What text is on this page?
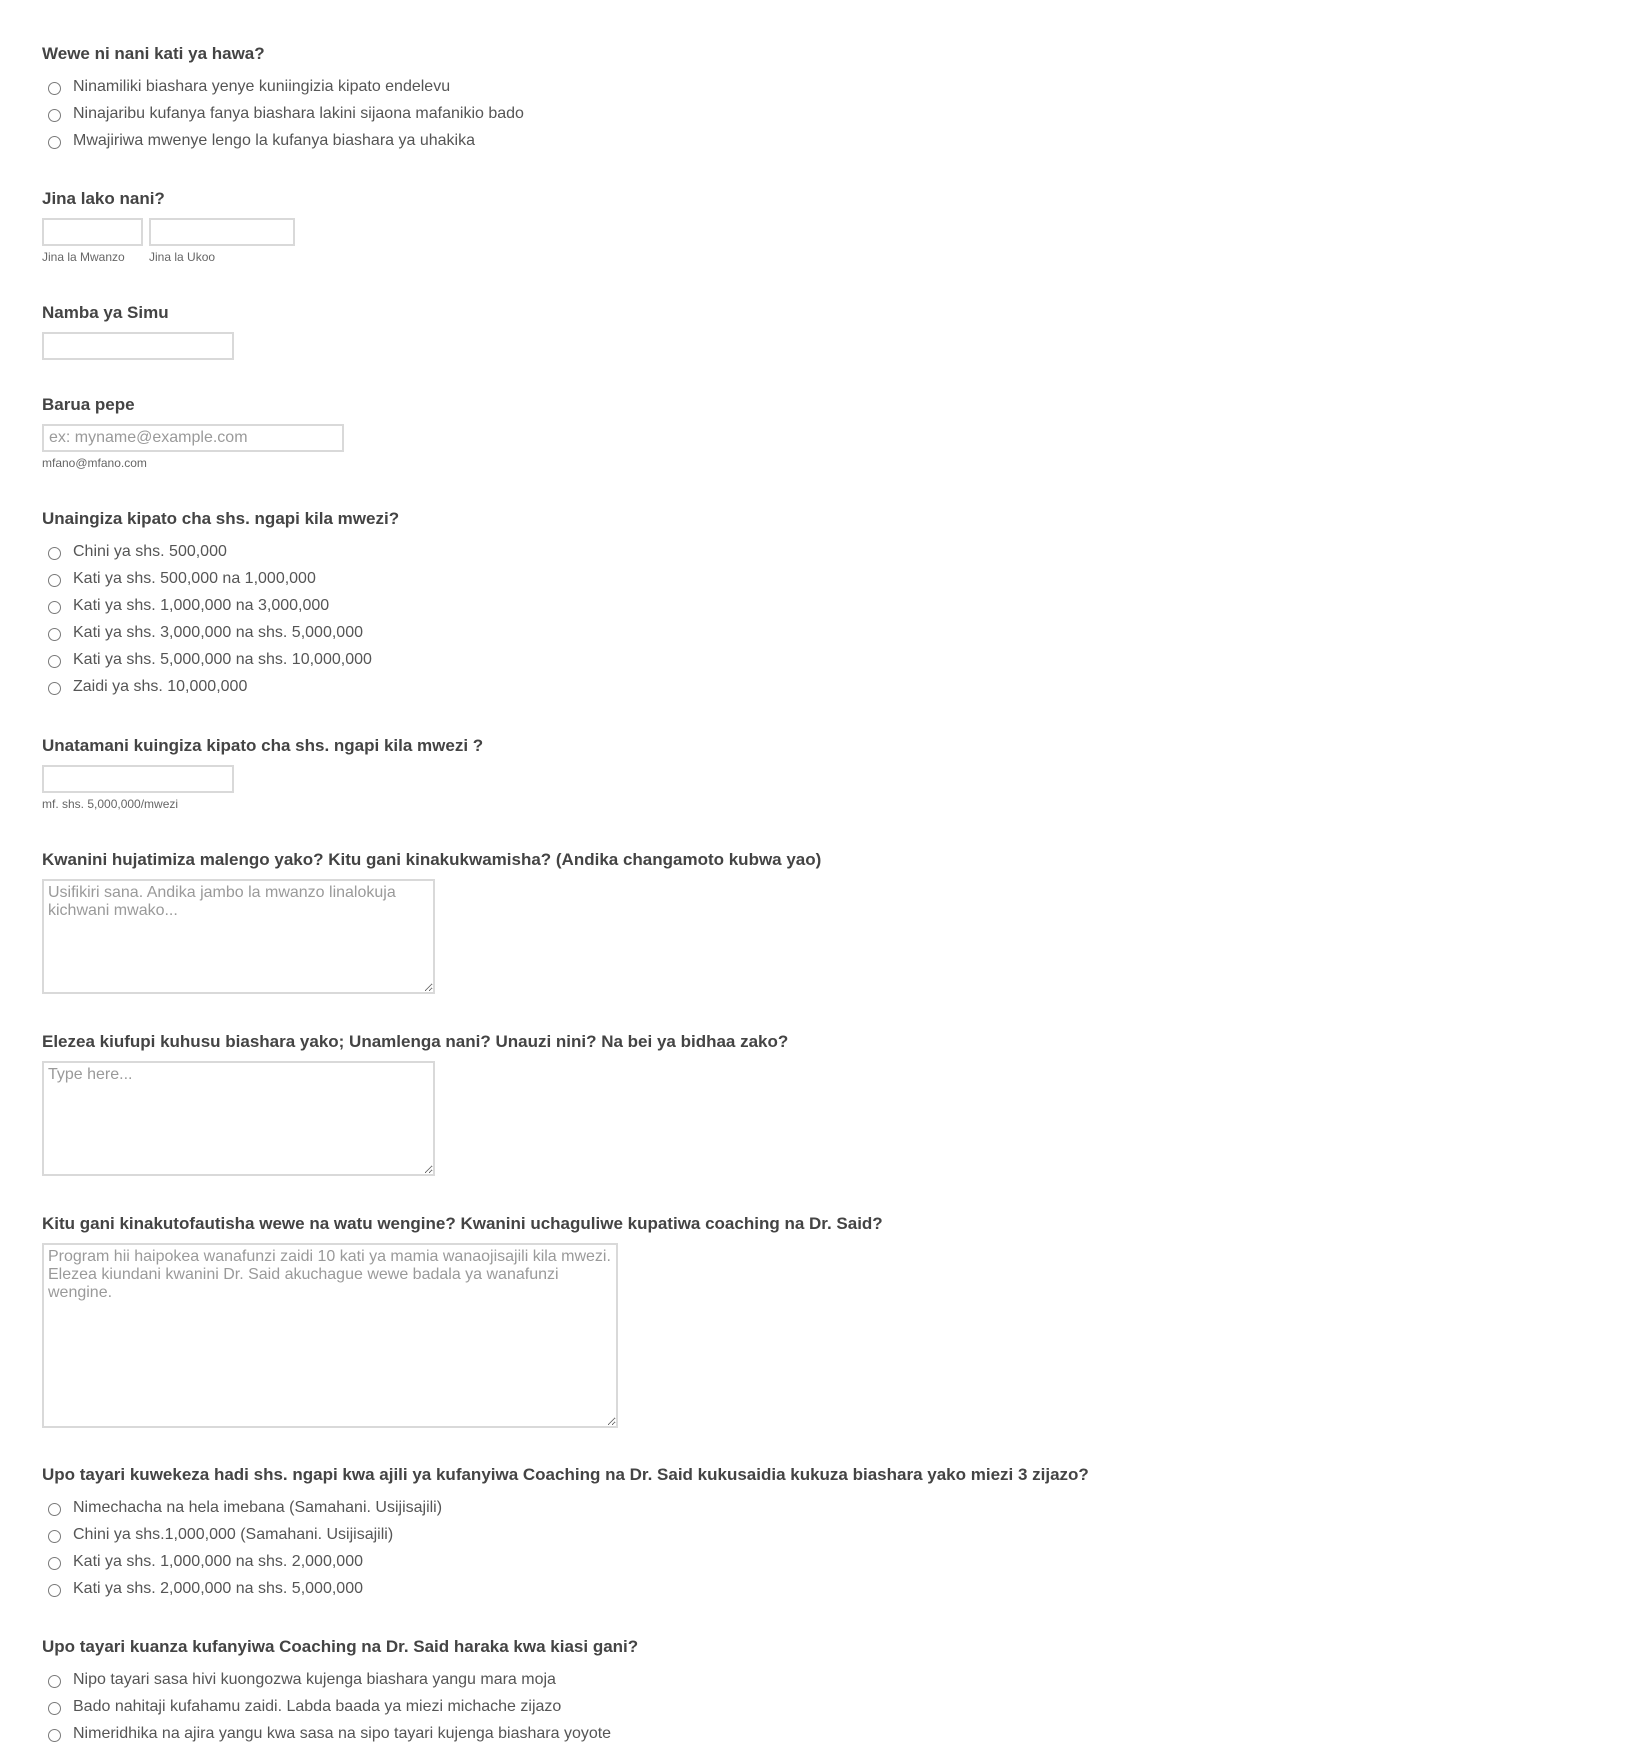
Wewe ni nani kati ya hawa?
Ninamiliki biashara yenye kuniingizia kipato endelevu
Ninajaribu kufanya fanya biashara lakini sijaona mafanikio bado
Mwajiriwa mwenye lengo la kufanya biashara ya uhakika
Jina lako nani?
Jina la Mwanzo	Jina la Ukoo
Namba ya Simu
Barua pepe
ex: myname@example.com
mfano@mfano.com
Unaingiza kipato cha shs. ngapi kila mwezi?
Chini ya shs. 500,000
Kati ya shs. 500,000 na 1,000,000
Kati ya shs. 1,000,000 na 3,000,000
Kati ya shs. 3,000,000 na shs. 5,000,000
Kati ya shs. 5,000,000 na shs. 10,000,000
Zaidi ya shs. 10,000,000
Unatamani kuingiza kipato cha shs. ngapi kila mwezi ?
mf. shs. 5,000,000/mwezi
Kwanini hujatimiza malengo yako? Kitu gani kinakukwamisha? (Andika changamoto kubwa yao)
Usifikiri sana. Andika jambo la mwanzo linalokuja kichwani mwako...
Elezea kiufupi kuhusu biashara yako; Unamlenga nani? Unauzi nini? Na bei ya bidhaa zako?
Type here...
Kitu gani kinakutofautisha wewe na watu wengine? Kwanini uchaguliwe kupatiwa coaching na Dr. Said?
Program hii haipokea wanafunzi zaidi 10 kati ya mamia wanaojisajili kila mwezi. Elezea kiundani kwanini Dr. Said akuchague wewe badala ya wanafunzi wengine.
Upo tayari kuwekeza hadi shs. ngapi kwa ajili ya kufanyiwa Coaching na Dr. Said kukusaidia kukuza biashara yako miezi 3 zijazo?
Nimechacha na hela imebana (Samahani. Usijisajili)
Chini ya shs.1,000,000 (Samahani. Usijisajili)
Kati ya shs. 1,000,000 na shs. 2,000,000
Kati ya shs. 2,000,000 na shs. 5,000,000
Upo tayari kuanza kufanyiwa Coaching na Dr. Said haraka kwa kiasi gani?
Nipo tayari sasa hivi kuongozwa kujenga biashara yangu mara moja
Bado nahitaji kufahamu zaidi. Labda baada ya miezi michache zijazo
Nimeridhika na ajira yangu kwa sasa na sipo tayari kujenga biashara yoyote
